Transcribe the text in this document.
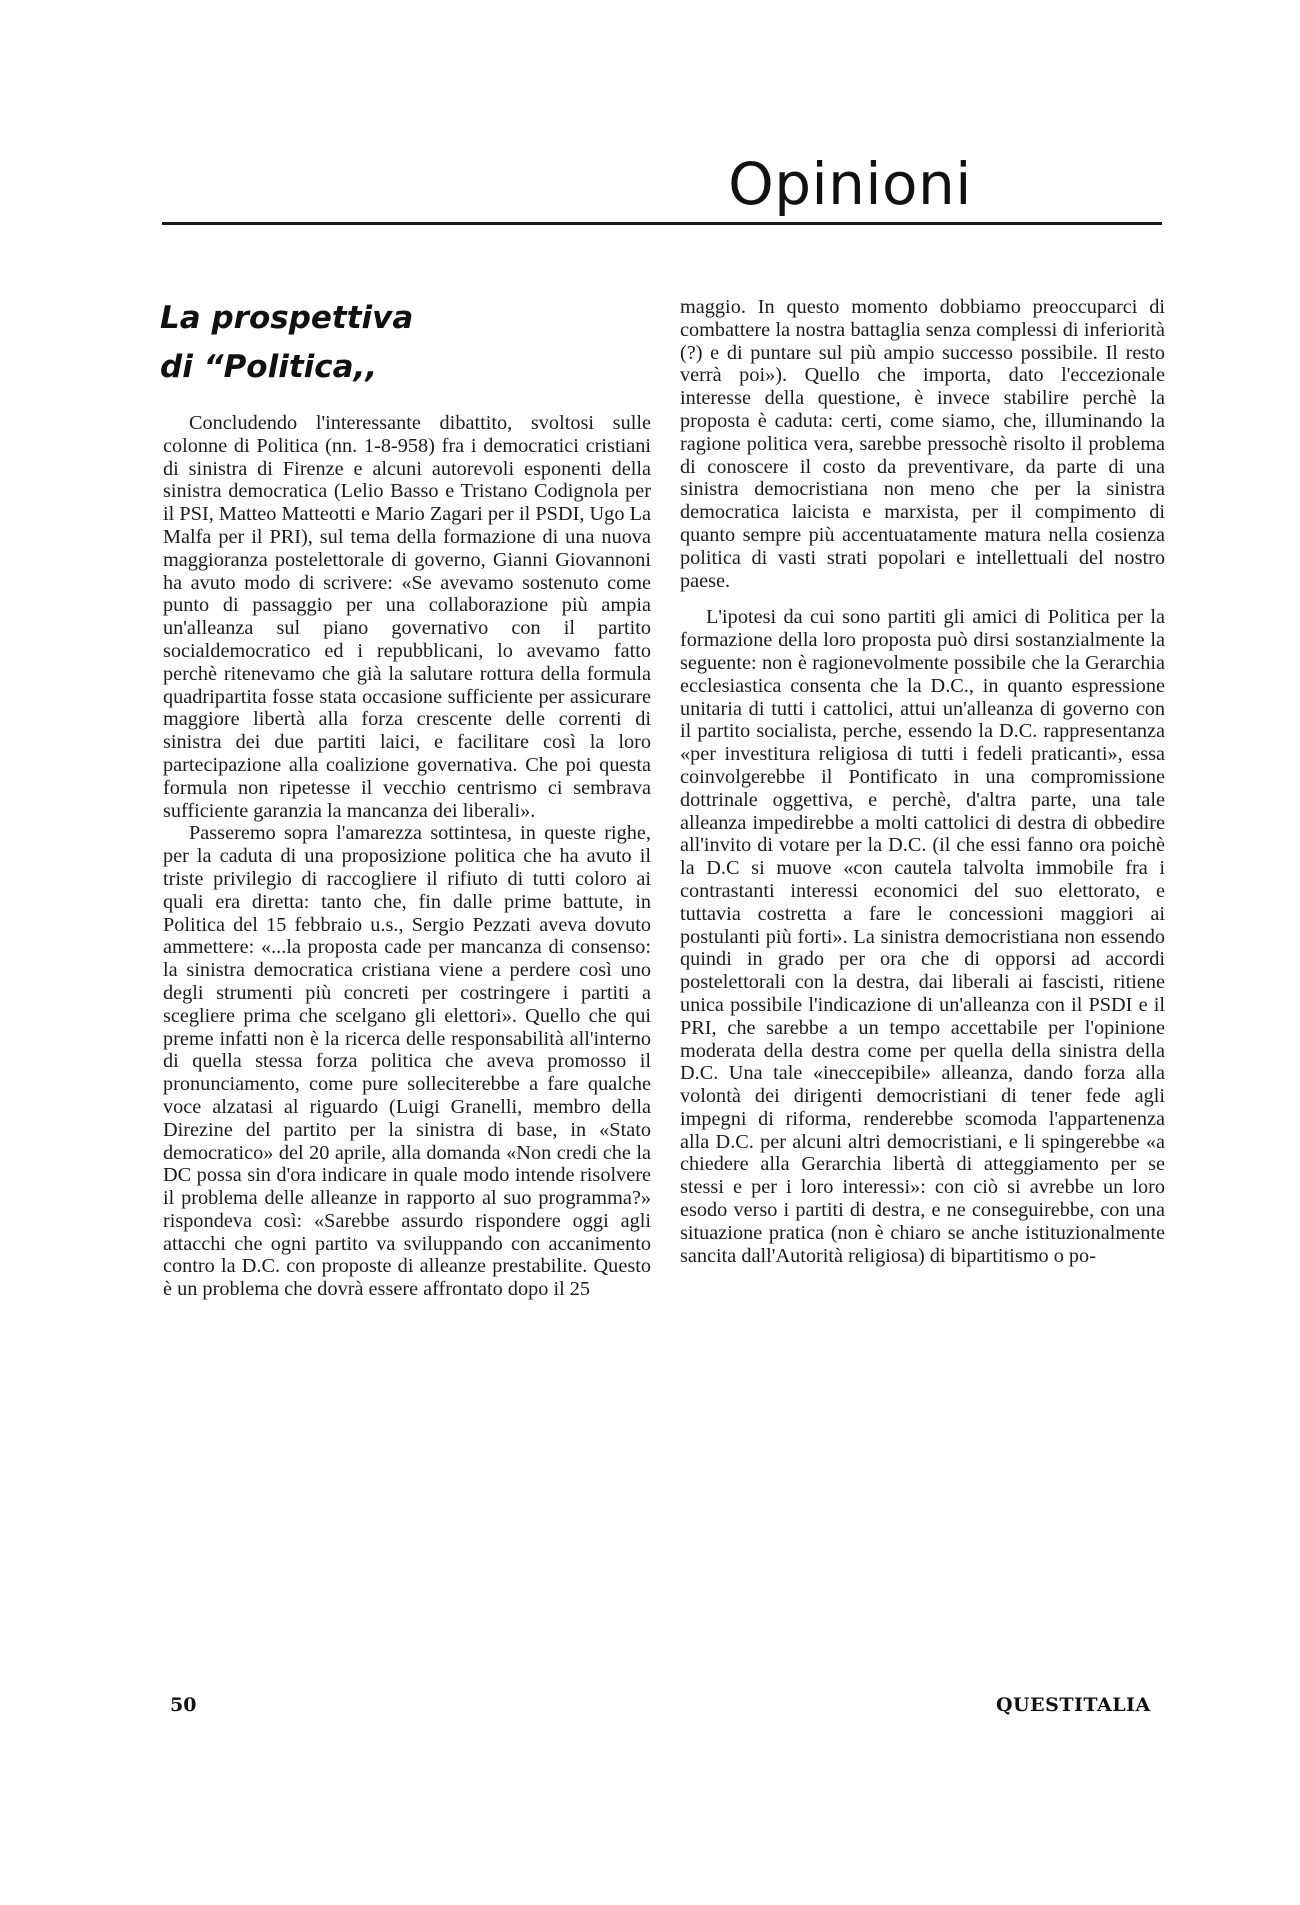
Opinioni
La prospettiva
di “Politica,,

Concludendo l'interessante dibattito, svoltosi sulle colonne di Politica (nn. 1-8-958) fra i democratici cristiani di sinistra di Firenze e alcuni autorevoli esponenti della sinistra democratica (Lelio Basso e Tristano Codignola per il PSI, Matteo Matteotti e Mario Zagari per il PSDI, Ugo La Malfa per il PRI), sul tema della formazione di una nuova maggioranza postelettorale di governo, Gianni Giovannoni ha avuto modo di scrivere: «Se avevamo sostenuto come punto di passaggio per una collaborazione più ampia un'alleanza sul piano governativo con il partito socialdemocratico ed i repubblicani, lo avevamo fatto perchè ritenevamo che già la salutare rottura della formula quadripartita fosse stata occasione sufficiente per assicurare maggiore libertà alla forza crescente delle correnti di sinistra dei due partiti laici, e facilitare così la loro partecipazione alla coalizione governativa. Che poi questa formula non ripetesse il vecchio centrismo ci sembrava sufficiente garanzia la mancanza dei liberali».

Passeremo sopra l'amarezza sottintesa, in queste righe, per la caduta di una proposizione politica che ha avuto il triste privilegio di raccogliere il rifiuto di tutti coloro ai quali era diretta: tanto che, fin dalle prime battute, in Politica del 15 febbraio u.s., Sergio Pezzati aveva dovuto ammettere: «...la proposta cade per mancanza di consenso: la sinistra democratica cristiana viene a perdere così uno degli strumenti più concreti per costringere i partiti a scegliere prima che scelgano gli elettori». Quello che qui preme infatti non è la ricerca delle responsabilità all'interno di quella stessa forza politica che aveva promosso il pronunciamento, come pure solleciterebbe a fare qualche voce alzatasi al riguardo (Luigi Granelli, membro della Direzine del partito per la sinistra di base, in «Stato democratico» del 20 aprile, alla domanda «Non credi che la DC possa sin d'ora indicare in quale modo intende risolvere il problema delle alleanze in rapporto al suo programma?» rispondeva così: «Sarebbe assurdo rispondere oggi agli attacchi che ogni partito va sviluppando con accanimento contro la D.C. con proposte di alleanze prestabilite. Questo è un problema che dovrà essere affrontato dopo il 25

maggio. In questo momento dobbiamo preoccuparci di combattere la nostra battaglia senza complessi di inferiorità (?) e di puntare sul più ampio successo possibile. Il resto verrà poi»). Quello che importa, dato l'eccezionale interesse della questione, è invece stabilire perchè la proposta è caduta: certi, come siamo, che, illuminando la ragione politica vera, sarebbe pressochè risolto il problema di conoscere il costo da preventivare, da parte di una sinistra democristiana non meno che per la sinistra democratica laicista e marxista, per il compimento di quanto sempre più accentuatamente matura nella cosienza politica di vasti strati popolari e intellettuali del nostro paese.

L'ipotesi da cui sono partiti gli amici di Politica per la formazione della loro proposta può dirsi sostanzialmente la seguente: non è ragionevolmente possibile che la Gerarchia ecclesiastica consenta che la D.C., in quanto espressione unitaria di tutti i cattolici, attui un'alleanza di governo con il partito socialista, perche, essendo la D.C. rappresentanza «per investitura religiosa di tutti i fedeli praticanti», essa coinvolgerebbe il Pontificato in una compromissione dottrinale oggettiva, e perchè, d'altra parte, una tale alleanza impedirebbe a molti cattolici di destra di obbedire all'invito di votare per la D.C. (il che essi fanno ora poichè la D.C si muove «con cautela talvolta immobile fra i contrastanti interessi economici del suo elettorato, e tuttavia costretta a fare le concessioni maggiori ai postulanti più forti». La sinistra democristiana non essendo quindi in grado per ora che di opporsi ad accordi postelettorali con la destra, dai liberali ai fascisti, ritiene unica possibile l'indicazione di un'alleanza con il PSDI e il PRI, che sarebbe a un tempo accettabile per l'opinione moderata della destra come per quella della sinistra della D.C. Una tale «ineccepibile» alleanza, dando forza alla volontà dei dirigenti democristiani di tener fede agli impegni di riforma, renderebbe scomoda l'appartenenza alla D.C. per alcuni altri democristiani, e li spingerebbe «a chiedere alla Gerarchia libertà di atteggiamento per se stessi e per i loro interessi»: con ciò si avrebbe un loro esodo verso i partiti di destra, e ne conseguirebbe, con una situazione pratica (non è chiaro se anche istituzionalmente sancita dall'Autorità religiosa) di bipartitismo o po-

50	QUESTITALIA
